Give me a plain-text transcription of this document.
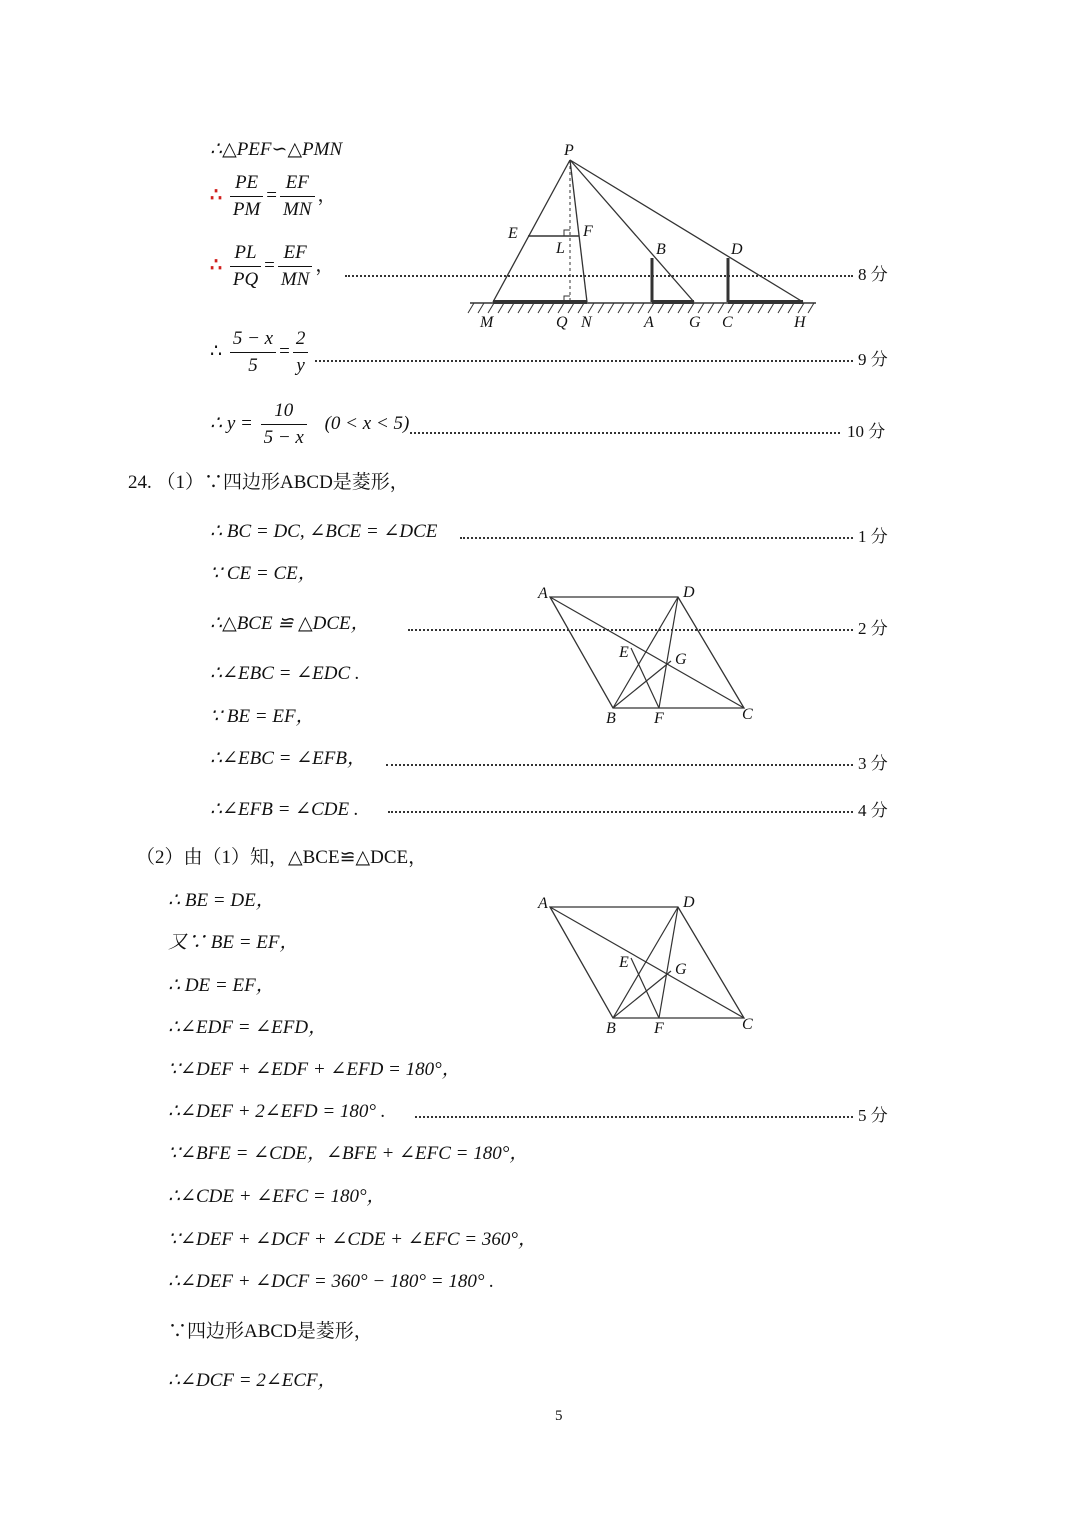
∴△PEF∽△PMN
∴ $\frac{PE}{PM} = \frac{EF}{MN}$ ，
∴ $\frac{PL}{PQ} = \frac{EF}{MN}$ ，	8 分
∴ $\frac{5 - x}{5} = \frac{2}{y}$	9 分
∴ $y = \frac{10}{5 - x} (0 < x < 5)$	10 分
P
E	F
L	B	D
M	Q N	A G C	H
24. （1）∵四边形ABCD是菱形，
∴ BC = DC, ∠BCE = ∠DCE	1 分
∵ CE = CE，
∴△BCE ≌ △DCE，	2 分
∴∠EBC = ∠EDC .
∵ BE = EF，
∴∠EBC = ∠EFB，	3 分
∴∠EFB = ∠CDE .	4 分
A	D
E	G
B F	C
（2）由（1）知，△BCE≌△DCE，
∴ BE = DE，
又∵ BE = EF，
∴ DE = EF，
∴∠EDF = ∠EFD，
∵∠DEF + ∠EDF + ∠EFD = 180°，
∴∠DEF + 2∠EFD = 180° .	5 分
∵∠BFE = ∠CDE，∠BFE + ∠EFC = 180°，
∴∠CDE + ∠EFC = 180°，
∵∠DEF + ∠DCF + ∠CDE + ∠EFC = 360°，
∴∠DEF + ∠DCF = 360° − 180° = 180° .
∵四边形ABCD是菱形，
∴∠DCF = 2∠ECF，
A	D
E	G
B F	C
5
